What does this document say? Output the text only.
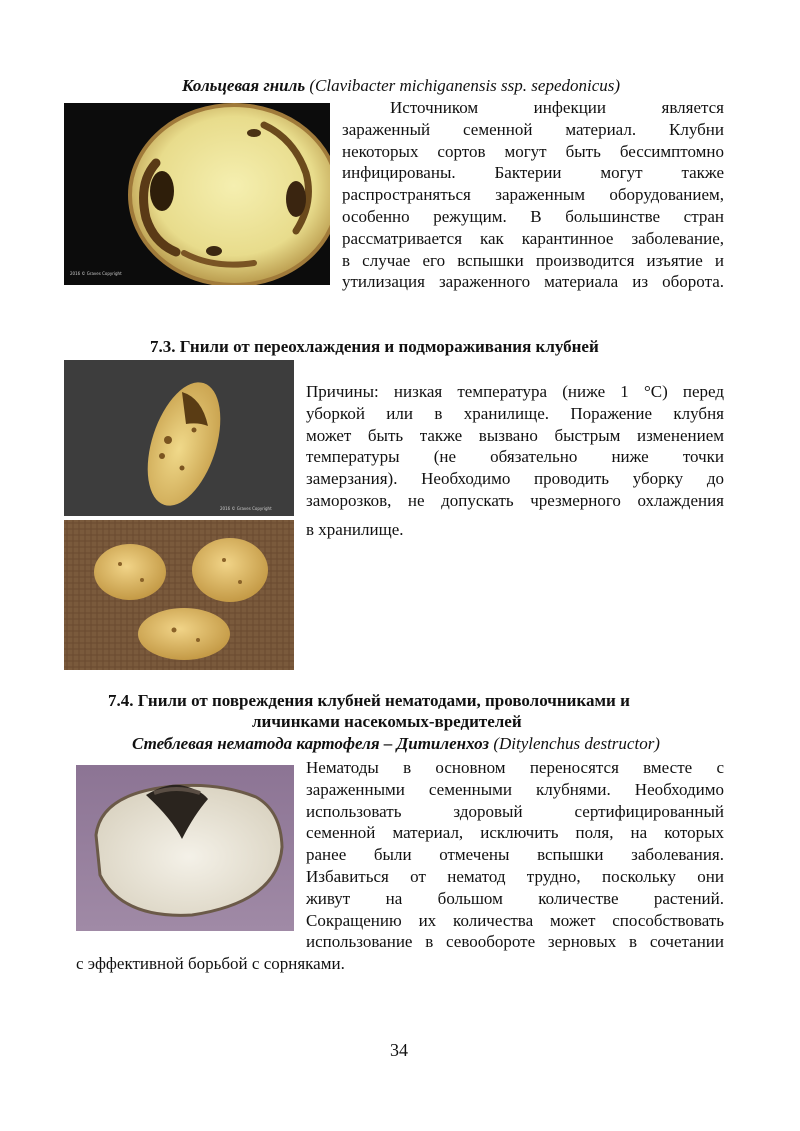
Кольцевая гниль (Clavibacter michiganensis ssp. sepedonicus)
2016 © Graves Copyright
Источником инфекции является
зараженный семенной материал. Клубни
некоторых сортов могут быть бессимптомно
инфицированы. Бактерии могут также
распространяться зараженным оборудованием,
особенно режущим. В большинстве стран
рассматривается как карантинное заболевание,
в случае его вспышки производится изъятие и
утилизация зараженного материала из оборота.
7.3. Гнили от переохлаждения и подмораживания клубней
2016 © Graves Copyright
Причины: низкая температура (ниже 1 °С) перед
уборкой или в хранилище. Поражение клубня
может быть также вызвано быстрым изменением
температуры (не обязательно ниже точки
замерзания). Необходимо проводить уборку до
заморозков, не допускать чрезмерного охлаждения
в хранилище.
7.4. Гнили от повреждения клубней нематодами, проволочниками и
личинками насекомых-вредителей
Стеблевая нематода картофеля – Дитиленхоз (Ditylenchus destructor)
Нематоды в основном переносятся вместе с
зараженными семенными клубнями. Необходимо
использовать здоровый сертифицированный
семенной материал, исключить поля, на которых
ранее были отмечены вспышки заболевания.
Избавиться от нематод трудно, поскольку они
живут на большом количестве растений.
Сокращению их количества может способствовать
использование в севообороте зерновых в сочетании
с эффективной борьбой с сорняками.
34
